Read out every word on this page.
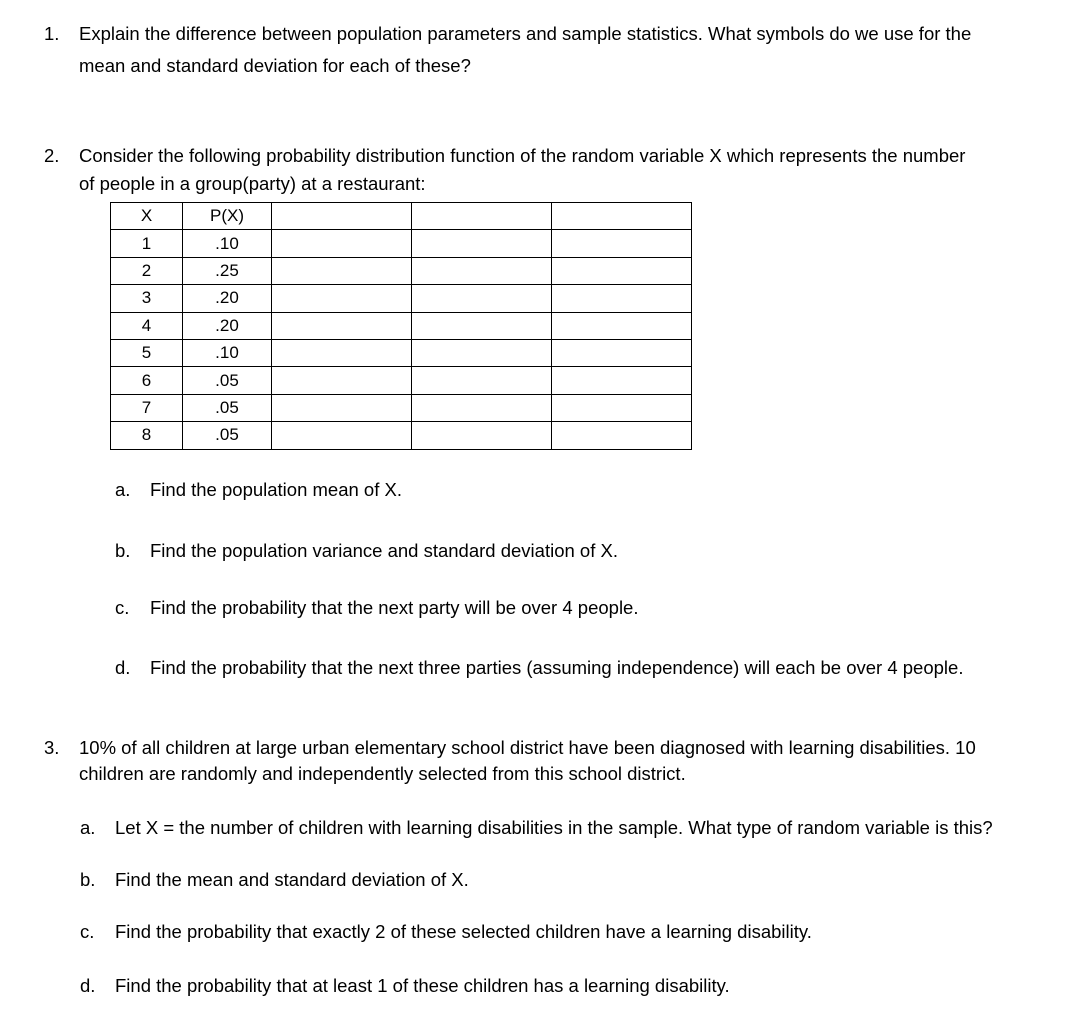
1. Explain the difference between population parameters and sample statistics. What symbols do we use for the
mean and standard deviation for each of these?
2. Consider the following probability distribution function of the random variable X which represents the number
of people in a group(party) at a restaurant:
X	P(X)			
1	.10			
2	.25			
3	.20			
4	.20			
5	.10			
6	.05			
7	.05			
8	.05			
a. Find the population mean of X.
b. Find the population variance and standard deviation of X.
c. Find the probability that the next party will be over 4 people.
d. Find the probability that the next three parties (assuming independence) will each be over 4 people.
3. 10% of all children at large urban elementary school district have been diagnosed with learning disabilities. 10
children are randomly and independently selected from this school district.
a. Let X = the number of children with learning disabilities in the sample. What type of random variable is this?
b. Find the mean and standard deviation of X.
c. Find the probability that exactly 2 of these selected children have a learning disability.
d. Find the probability that at least 1 of these children has a learning disability.
